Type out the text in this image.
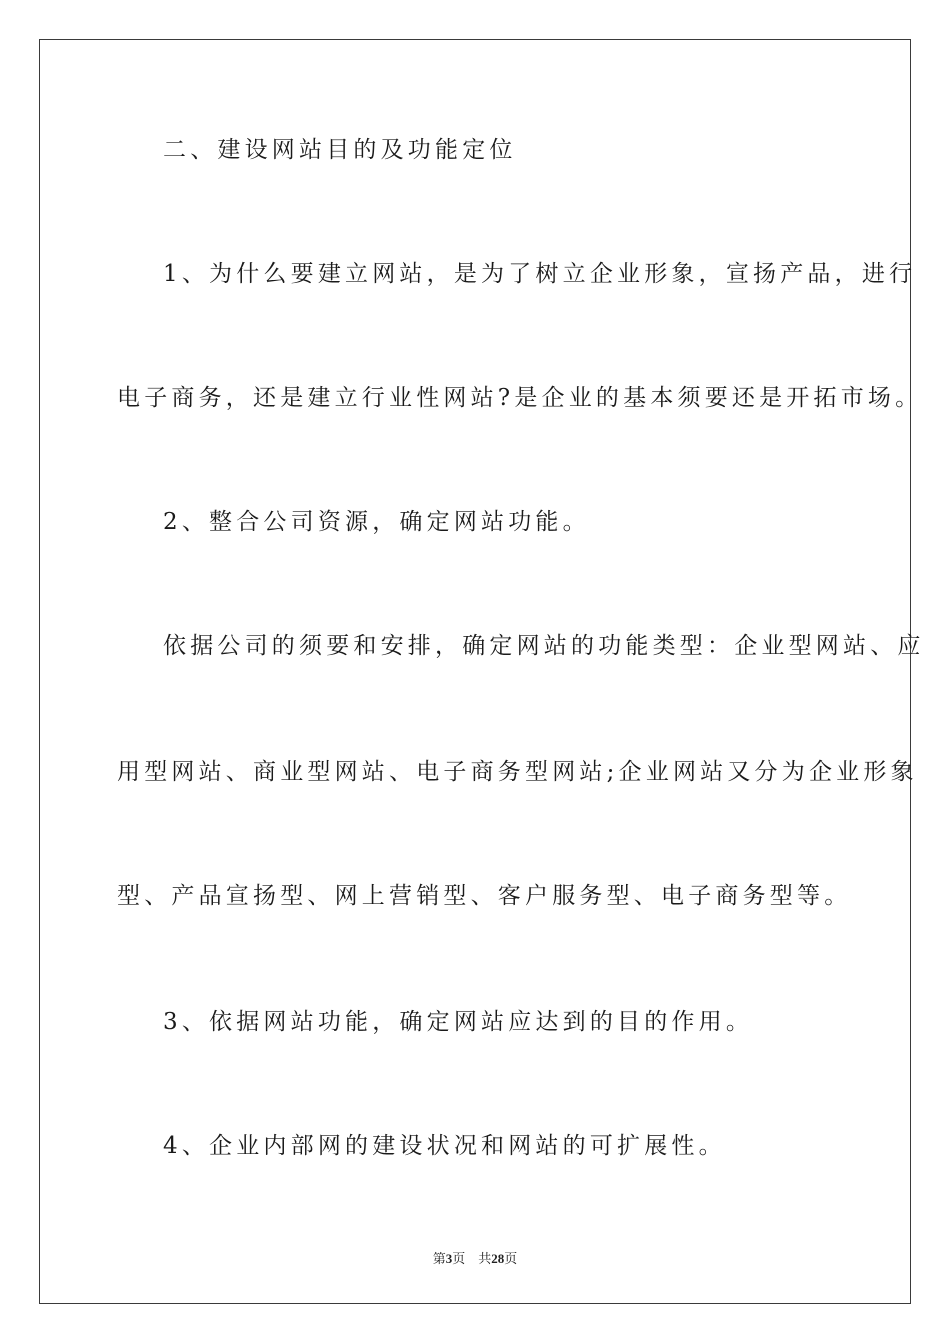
二、建设网站目的及功能定位
1、为什么要建立网站，是为了树立企业形象，宣扬产品，进行
电子商务，还是建立行业性网站?是企业的基本须要还是开拓市场。
2、整合公司资源，确定网站功能。
依据公司的须要和安排，确定网站的功能类型：企业型网站、应
用型网站、商业型网站、电子商务型网站;企业网站又分为企业形象
型、产品宣扬型、网上营销型、客户服务型、电子商务型等。
3、依据网站功能，确定网站应达到的目的作用。
4、企业内部网的建设状况和网站的可扩展性。
第3页 共28页
